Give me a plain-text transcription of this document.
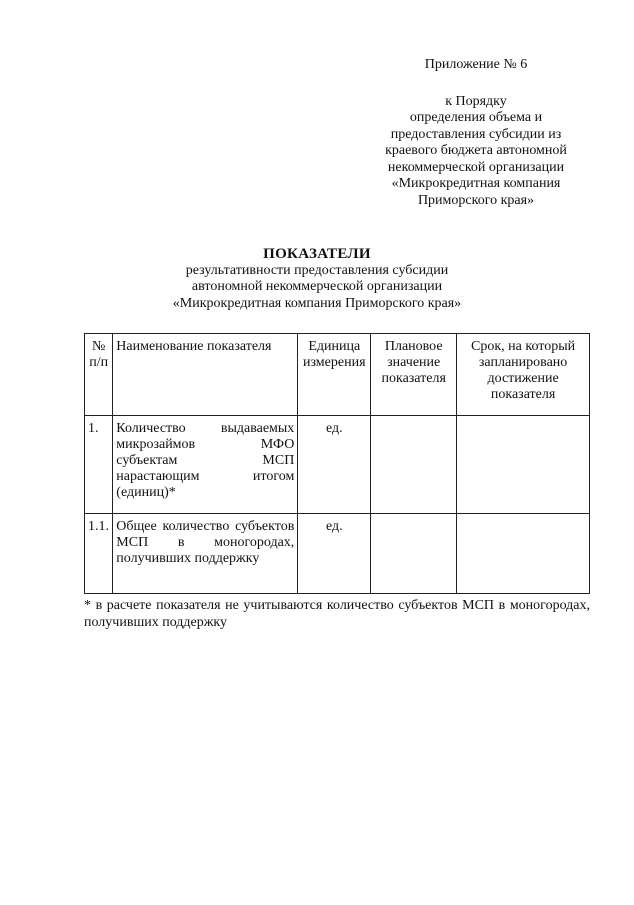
Приложение № 6
к Порядку
определения объема и
предоставления субсидии из
краевого бюджета автономной
некоммерческой организации
«Микрокредитная компания
Приморского края»
ПОКАЗАТЕЛИ
результативности предоставления субсидии
автономной некоммерческой организации
«Микрокредитная компания Приморского края»
№ п/п	Наименование показателя	Единица измерения	Плановое значение показателя	Срок, на который запланировано достижение показателя
1.	Количество выдаваемых микрозаймов МФО субъектам МСП нарастающим итогом (единиц)*	ед.		
1.1.	Общее количество субъектов МСП в моногородах, получивших поддержку	ед.		
* в расчете показателя не учитываются количество субъектов МСП в моногородах, получивших поддержку
